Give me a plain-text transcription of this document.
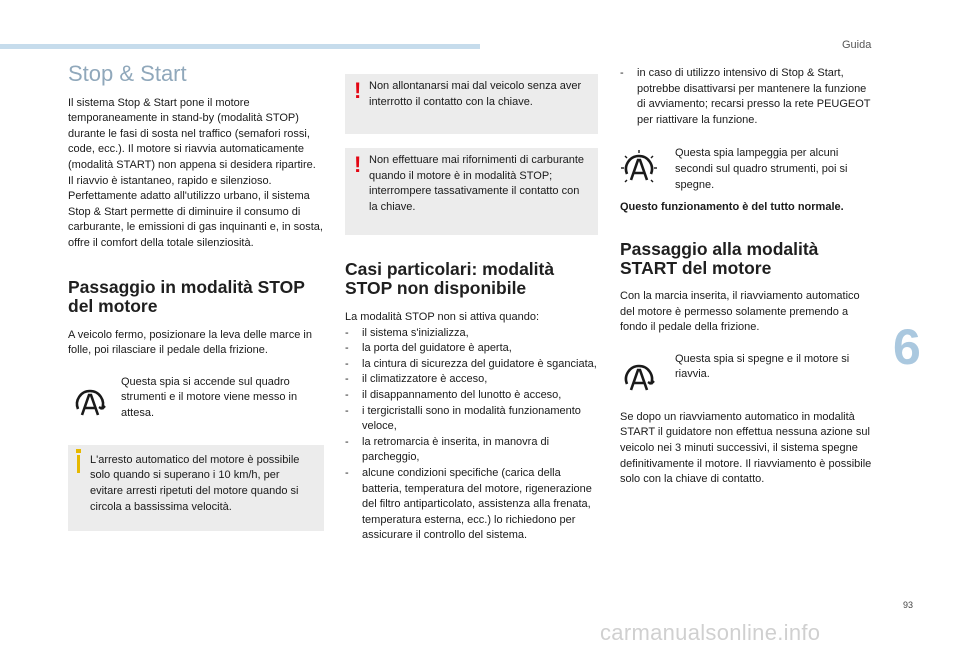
Guida
6
93
carmanualsonline.info
Stop & Start

Il sistema Stop & Start pone il motore temporaneamente in stand-by (modalità STOP) durante le fasi di sosta nel traffico (semafori rossi, code, ecc.). Il motore si riavvia automaticamente (modalità START) non appena si desidera ripartire. Il riavvio è istantaneo, rapido e silenzioso. Perfettamente adatto all'utilizzo urbano, il sistema Stop & Start permette di diminuire il consumo di carburante, le emissioni di gas inquinanti e, in sosta, offre il comfort della totale silenziosità.

Passaggio in modalità STOP del motore

A veicolo fermo, posizionare la leva delle marce in folle, poi rilasciare il pedale della frizione.

Questa spia si accende sul quadro strumenti e il motore viene messo in attesa.

L'arresto automatico del motore è possibile solo quando si superano i 10 km/h, per evitare arresti ripetuti del motore quando si circola a bassissima velocità.

! Non allontanarsi mai dal veicolo senza aver interrotto il contatto con la chiave.

! Non effettuare mai rifornimenti di carburante quando il motore è in modalità STOP; interrompere tassativamente il contatto con la chiave.

Casi particolari: modalità STOP non disponibile

La modalità STOP non si attiva quando:

- il sistema s'inizializza,
- la porta del guidatore è aperta,
- la cintura di sicurezza del guidatore è sganciata,
- il climatizzatore è acceso,
- il disappannamento del lunotto è acceso,
- i tergicristalli sono in modalità funzionamento veloce,
- la retromarcia è inserita, in manovra di parcheggio,
- alcune condizioni specifiche (carica della batteria, temperatura del motore, rigenerazione del filtro antiparticolato, assistenza alla frenata, temperatura esterna, ecc.) lo richiedono per assicurare il controllo del sistema.
- in caso di utilizzo intensivo di Stop & Start, potrebbe disattivarsi per mantenere la funzione di avviamento; recarsi presso la rete PEUGEOT per riattivare la funzione.

Questa spia lampeggia per alcuni secondi sul quadro strumenti, poi si spegne.

Questo funzionamento è del tutto normale.

Passaggio alla modalità START del motore

Con la marcia inserita, il riavviamento automatico del motore è permesso solamente premendo a fondo il pedale della frizione.

Questa spia si spegne e il motore si riavvia.

Se dopo un riavviamento automatico in modalità START il guidatore non effettua nessuna azione sul veicolo nei 3 minuti successivi, il sistema spegne definitivamente il motore. Il riavviamento è possibile solo con la chiave di contatto.
